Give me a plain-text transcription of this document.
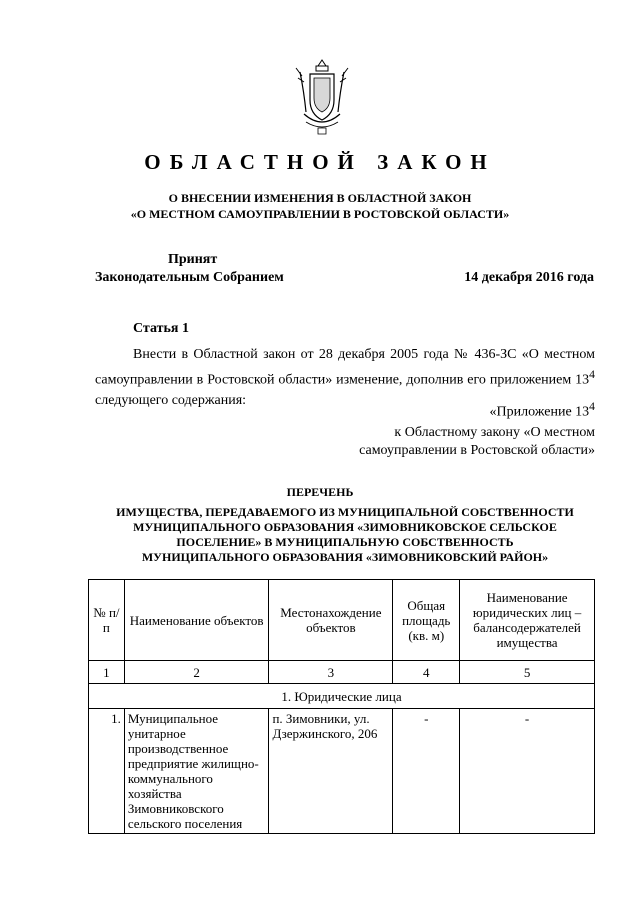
ОБЛАСТНОЙ ЗАКОН
О ВНЕСЕНИИ ИЗМЕНЕНИЯ В ОБЛАСТНОЙ ЗАКОН
«О МЕСТНОМ САМОУПРАВЛЕНИИ В РОСТОВСКОЙ ОБЛАСТИ»
Принят
Законодательным Собранием	14 декабря 2016 года
Статья 1
Внести в Областной закон от 28 декабря 2005 года № 436-ЗС «О местном самоуправлении в Ростовской области» изменение, дополнив его приложением $13^4$ следующего содержания:
«Приложение $13^4$
к Областному закону «О местном
самоуправлении в Ростовской области»
ПЕРЕЧЕНЬ
ИМУЩЕСТВА, ПЕРЕДАВАЕМОГО ИЗ МУНИЦИПАЛЬНОЙ СОБСТВЕННОСТИ
МУНИЦИПАЛЬНОГО ОБРАЗОВАНИЯ «ЗИМОВНИКОВСКОЕ СЕЛЬСКОЕ
ПОСЕЛЕНИЕ» В МУНИЦИПАЛЬНУЮ СОБСТВЕННОСТЬ
МУНИЦИПАЛЬНОГО ОБРАЗОВАНИЯ «ЗИМОВНИКОВСКИЙ РАЙОН»
№ п/п	Наименование объектов	Местонахождение объектов	Общая площадь (кв. м)	Наименование юридических лиц – балансодержателей имущества
1	2	3	4	5
1. Юридические лица				
1.	Муниципальное унитарное производственное предприятие жилищно-коммунального хозяйства Зимовниковского сельского поселения	п. Зимовники, ул. Дзержинского, 206	-	-
